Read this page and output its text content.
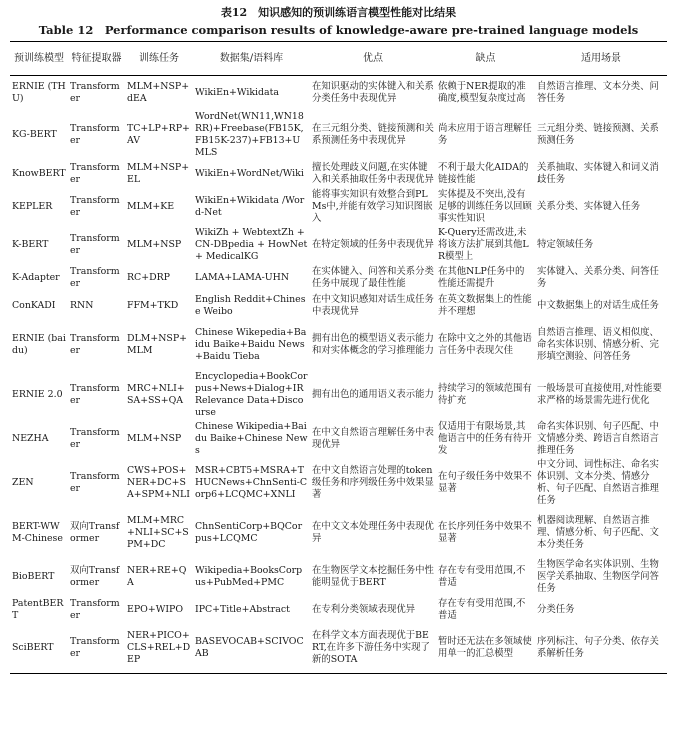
表12　知识感知的预训练语言模型性能对比结果
Table 12　Performance comparison results of knowledge-aware pre-trained language models
预训练模型	特征提取器	训练任务	数据集/语料库	优点	缺点	适用场景
ERNIE (THU)	Transformer	MLM+NSP+dEA	WikiEn+Wikidata	在知识驱动的实体键入和关系分类任务中表现优异	依赖于NER提取的准确度,模型复杂度过高	自然语言推理、文本分类、问答任务
KG-BERT	Transformer	TC+LP+RP+AV	WordNet(WN11,WN18RR)+Freebase(FB15K,FB15K-237)+FB13+UMLS	在三元组分类、链接预测和关系预测任务中表现优异	尚未应用于语言理解任务	三元组分类、链接预测、关系预测任务
KnowBERT	Transformer	MLM+NSP+EL	WikiEn+WordNet/Wiki	擅长处理歧义问题,在实体键入和关系抽取任务中表现优异	不利于最大化AIDA的链接性能	关系抽取、实体键入和词义消歧任务
KEPLER	Transformer	MLM+KE	WikiEn+Wikidata /Word-Net	能将事实知识有效整合到PLMs中,并能有效学习知识图嵌入	实体提及不突出,没有足够的训练任务以回顾事实性知识	关系分类、实体键入任务
K-BERT	Transformer	MLM+NSP	WikiZh + WebtextZh + CN-DBpedia + HowNet + MedicalKG	在特定领域的任务中表现优异	K-Query还需改进,未将该方法扩展到其他LR模型上	特定领域任务
K-Adapter	Transformer	RC+DRP	LAMA+LAMA-UHN	在实体键入、问答和关系分类任务中展现了最佳性能	在其他NLP任务中的性能还需提升	实体键入、关系分类、问答任务
ConKADI	RNN	FFM+TKD	English Reddit+Chinese Weibo	在中文知识感知对话生成任务中表现优异	在英文数据集上的性能并不理想	中文数据集上的对话生成任务
ERNIE (baidu)	Transformer	DLM+NSP+MLM	Chinese Wikepedia+Baidu Baike+Baidu News+Baidu Tieba	拥有出色的模型语义表示能力和对实体概念的学习推理能力	在除中文之外的其他语言任务中表现欠佳	自然语言推理、语义相似度、命名实体识别、情感分析、完形填空测验、问答任务
ERNIE 2.0	Transformer	MRC+NLI+SA+SS+QA	Encyclopedia+BookCorpus+News+Dialog+IR Relevance Data+Discourse	拥有出色的通用语义表示能力	持续学习的领域范围有待扩充	一般场景可直接使用,对性能要求严格的场景需先进行优化
NEZHA	Transformer	MLM+NSP	Chinese Wikipedia+Baidu Baike+Chinese News	在中文自然语言理解任务中表现优异	仅适用于有限场景,其他语言中的任务有待开发	命名实体识别、句子匹配、中文情感分类、跨语言自然语言推理任务
ZEN	Transformer	CWS+POS+NER+DC+SA+SPM+NLI	MSR+CBT5+MSRA+THUCNews+ChnSenti-Corp6+LCQMC+XNLI	在中文自然语言处理的token级任务和序列级任务中效果显著	在句子级任务中效果不显著	中文分词、词性标注、命名实体识别、文本分类、情感分析、句子匹配、自然语言推理任务
BERT-WWM-Chinese	双向Transformer	MLM+MRC+NLI+SC+SPM+DC	ChnSentiCorp+BQCorpus+LCQMC	在中文文本处理任务中表现优异	在长序列任务中效果不显著	机器阅读理解、自然语言推理、情感分析、句子匹配、文本分类任务
BioBERT	双向Transformer	NER+RE+QA	Wikipedia+BooksCorpus+PubMed+PMC	在生物医学文本挖掘任务中性能明显优于BERT	存在专有受用范围,不普适	生物医学命名实体识别、生物医学关系抽取、生物医学问答任务
PatentBERT	Transformer	EPO+WIPO	IPC+Title+Abstract	在专利分类领域表现优异	存在专有受用范围,不普适	分类任务
SciBERT	Transformer	NER+PICO+CLS+REL+DEP	BASEVOCAB+SCIVOCAB	在科学文本方面表现优于BERT,在许多下游任务中实现了新的SOTA	暂时还无法在多领域使用单一的汇总模型	序列标注、句子分类、依存关系解析任务
